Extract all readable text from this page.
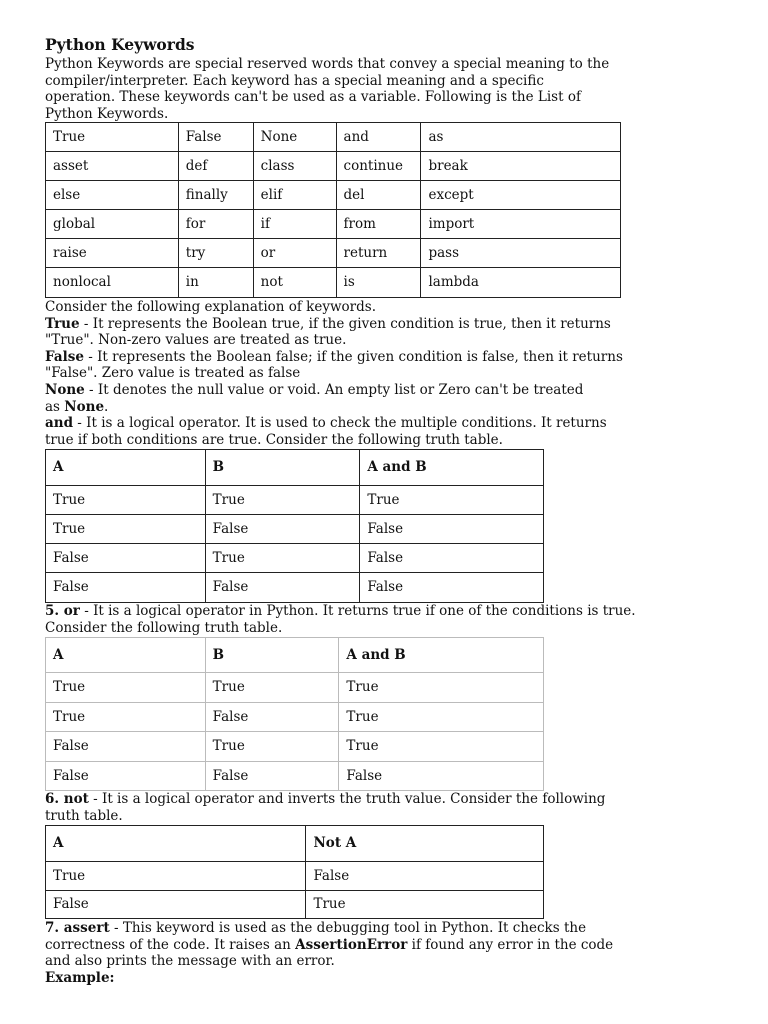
Python Keywords
Python Keywords are special reserved words that convey a special meaning to the
compiler/interpreter. Each keyword has a special meaning and a specific
operation. These keywords can't be used as a variable. Following is the List of
Python Keywords.
True	False	None	and	as
asset	def	class	continue	break
else	finally	elif	del	except
global	for	if	from	import
raise	try	or	return	pass
nonlocal	in	not	is	lambda
Consider the following explanation of keywords.
True - It represents the Boolean true, if the given condition is true, then it returns
"True". Non-zero values are treated as true.
False - It represents the Boolean false; if the given condition is false, then it returns
"False". Zero value is treated as false
None - It denotes the null value or void. An empty list or Zero can't be treated
as None.
and - It is a logical operator. It is used to check the multiple conditions. It returns
true if both conditions are true. Consider the following truth table.
A	B	A and B
True	True	True
True	False	False
False	True	False
False	False	False
5. or - It is a logical operator in Python. It returns true if one of the conditions is true.
Consider the following truth table.
A	B	A and B
True	True	True
True	False	True
False	True	True
False	False	False
6. not - It is a logical operator and inverts the truth value. Consider the following
truth table.
A	Not A
True	False
False	True
7. assert - This keyword is used as the debugging tool in Python. It checks the
correctness of the code. It raises an AssertionError if found any error in the code
and also prints the message with an error.
Example:
